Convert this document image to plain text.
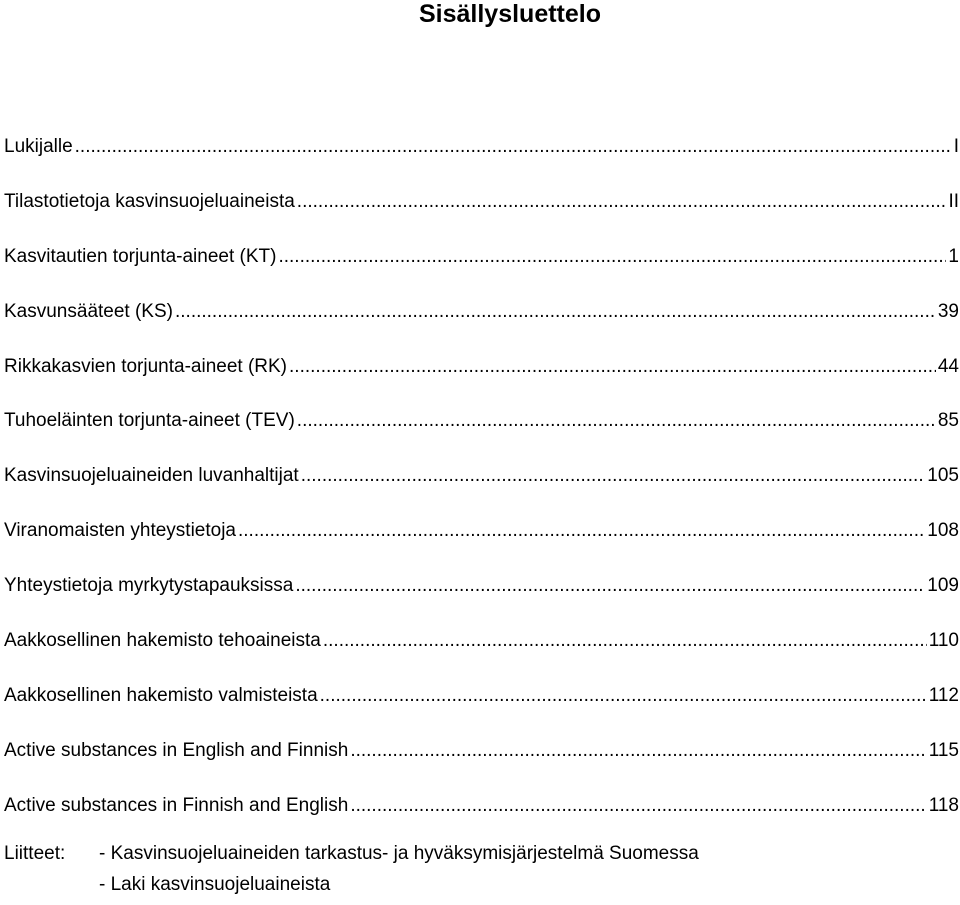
Sisällysluettelo
Lukijalle .....	I
Tilastotietoja kasvinsuojeluaineista .....	II
Kasvitautien torjunta-aineet (KT) .....	1
Kasvunsääteet (KS) .....	39
Rikkakasvien torjunta-aineet (RK) .....	44
Tuhoeläinten torjunta-aineet (TEV) .....	85
Kasvinsuojeluaineiden luvanhaltijat .....	105
Viranomaisten yhteystietoja .....	108
Yhteystietoja myrkytystapauksissa .....	109
Aakkosellinen hakemisto tehoaineista .....	110
Aakkosellinen hakemisto valmisteista .....	112
Active substances in English and Finnish .....	115
Active substances in Finnish and English .....	118
Liitteet:	- Kasvinsuojeluaineiden tarkastus- ja hyväksymisjärjestelmä Suomessa
- Laki kasvinsuojeluaineista
